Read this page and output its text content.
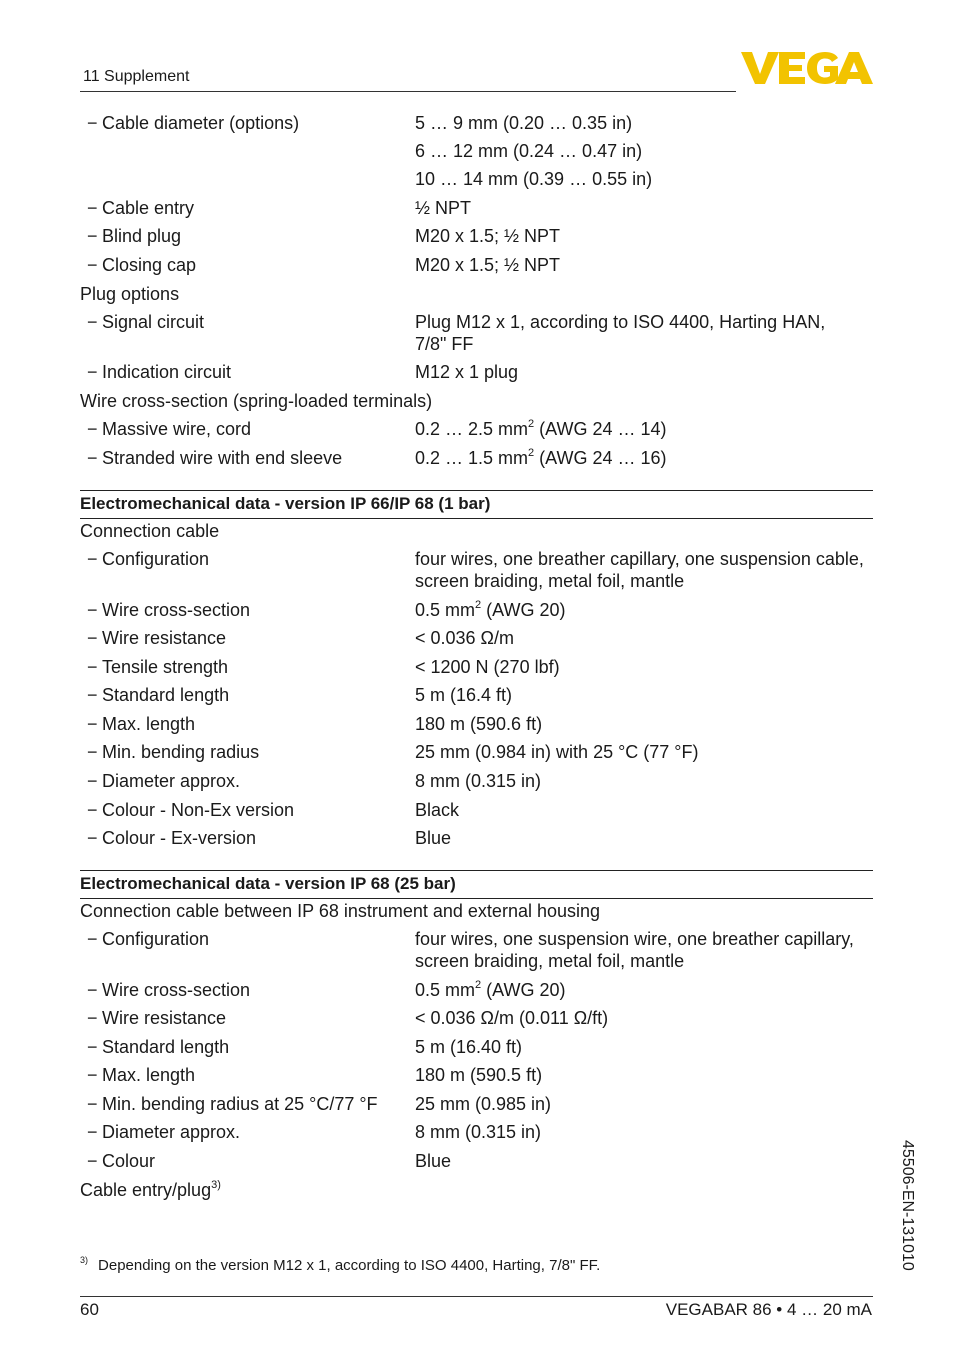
11 Supplement
− Cable diameter (options)	5 … 9 mm (0.20 … 0.35 in)
6 … 12 mm (0.24 … 0.47 in)
10 … 14 mm (0.39 … 0.55 in)
− Cable entry	½ NPT
− Blind plug	M20 x 1.5; ½ NPT
− Closing cap	M20 x 1.5; ½ NPT
Plug options
− Signal circuit	Plug M12 x 1, according to ISO 4400, Harting HAN,
7/8" FF
− Indication circuit	M12 x 1 plug
Wire cross-section (spring-loaded terminals)
− Massive wire, cord	0.2 … 2.5 $mm^2$ (AWG 24 … 14)
− Stranded wire with end sleeve	0.2 … 1.5 $mm^2$ (AWG 24 … 16)
Electromechanical data - version IP 66/IP 68 (1 bar)
Connection cable
− Configuration	four wires, one breather capillary, one suspension cable,
screen braiding, metal foil, mantle
− Wire cross-section	0.5 $mm^2$ (AWG 20)
− Wire resistance	< 0.036 Ω/m
− Tensile strength	< 1200 N (270 lbf)
− Standard length	5 m (16.4 ft)
− Max. length	180 m (590.6 ft)
− Min. bending radius	25 mm (0.984 in) with 25 °C (77 °F)
− Diameter approx.	8 mm (0.315 in)
− Colour - Non-Ex version	Black
− Colour - Ex-version	Blue
Electromechanical data - version IP 68 (25 bar)
Connection cable between IP 68 instrument and external housing
− Configuration	four wires, one suspension wire, one breather capillary,
screen braiding, metal foil, mantle
− Wire cross-section	0.5 $mm^2$ (AWG 20)
− Wire resistance	< 0.036 Ω/m (0.011 Ω/ft)
− Standard length	5 m (16.40 ft)
− Max. length	180 m (590.5 ft)
− Min. bending radius at 25 °C/77 °F 25 mm (0.985 in)
− Diameter approx.	8 mm (0.315 in)
− Colour	Blue
Cable entry/plug$^{3)}$
$^{3)}$ Depending on the version M12 x 1, according to ISO 4400, Harting, 7/8" FF.	45506-EN-131010
60	VEGABAR 86 • 4 … 20 mA
